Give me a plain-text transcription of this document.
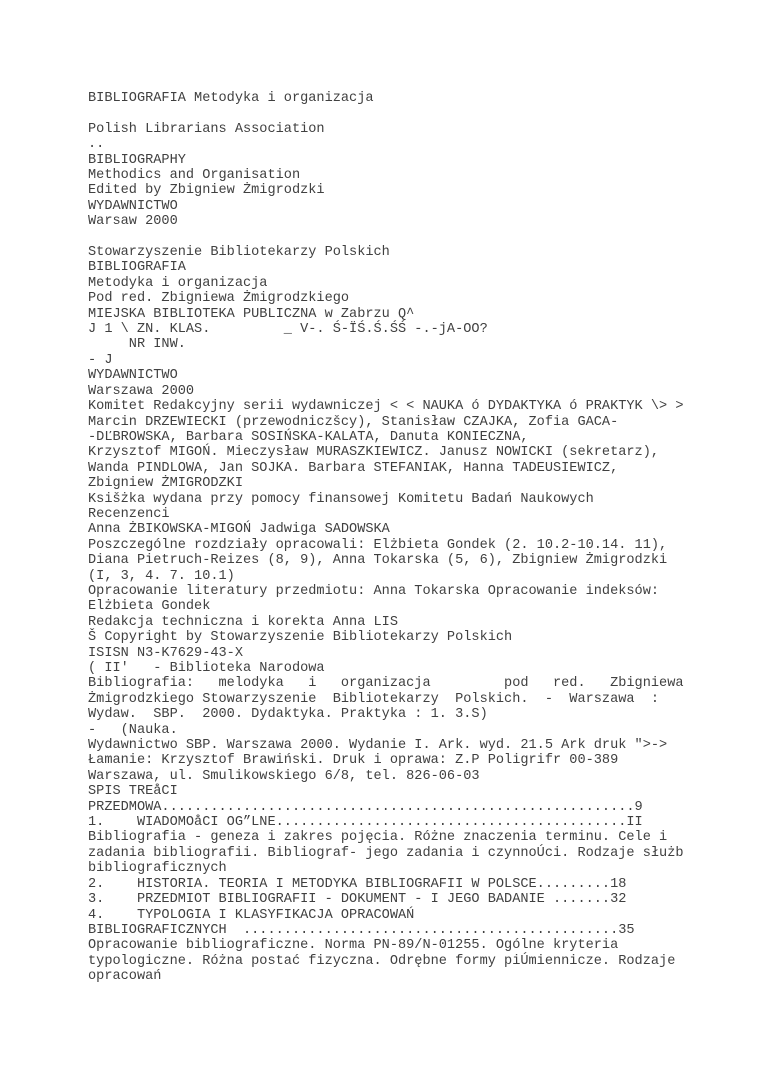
BIBLIOGRAFIA Metodyka i organizacja
Polish Librarians Association
..
BIBLIOGRAPHY
Methodics and Organisation
Edited by Zbigniew Żmigrodzki
WYDAWNICTWO
Warsaw 2000
Stowarzyszenie Bibliotekarzy Polskich
BIBLIOGRAFIA
Metodyka i organizacja
Pod red. Zbigniewa Żmigrodzkiego
MIEJSKA BIBLIOTEKA PUBLICZNA w Zabrzu Q^
J 1 \ ZN. KLAS.         _ V-. Ś-ÏŚ.Ś.ŚŚ -.-jA-OO?
NR INW.
- J
WYDAWNICTWO
Warszawa 2000
Komitet Redakcyjny serii wydawniczej < < NAUKA ó DYDAKTYKA ó PRAKTYK \> >
Marcin DRZEWIECKI (przewodniczšcy), Stanisław CZAJKA, Zofia GACA-
-DĽBROWSKA, Barbara SOSIŃSKA-KALATA, Danuta KONIECZNA,
Krzysztof MIGOŃ. Mieczysław MURASZKIEWICZ. Janusz NOWICKI (sekretarz),
Wanda PINDLOWA, Jan SOJKA. Barbara STEFANIAK, Hanna TADEUSIEWICZ,
Zbigniew ŻMIGRODZKI
Ksišżka wydana przy pomocy finansowej Komitetu Badań Naukowych
Recenzenci
Anna ŻBIKOWSKA-MIGOŃ Jadwiga SADOWSKA
Poszczególne rozdziały opracowali: Elżbieta Gondek (2. 10.2-10.14. 11),
Diana Pietruch-Reizes (8, 9), Anna Tokarska (5, 6), Zbigniew Żmigrodzki
(I, 3, 4. 7. 10.1)
Opracowanie literatury przedmiotu: Anna Tokarska Opracowanie indeksów:
Elżbieta Gondek
Redakcja techniczna i korekta Anna LIS
Š Copyright by Stowarzyszenie Bibliotekarzy Polskich
ISISN N3-K7629-43-X
( II'   - Biblioteka Narodowa
Bibliografia:   melodyka   i   organizacja         pod   red.   Zbigniewa
Żmigrodzkiego Stowarzyszenie  Bibliotekarzy  Polskich.  -  Warszawa  :
Wydaw.  SBP.  2000. Dydaktyka. Praktyka : 1. 3.S)
-   (Nauka.
Wydawnictwo SBP. Warszawa 2000. Wydanie I. Ark. wyd. 21.5 Ark druk ">->
Łamanie: Krzysztof Brawiński. Druk i oprawa: Z.P Poligrifr 00-389
Warszawa, ul. Smulikowskiego 6/8, tel. 826-06-03
SPIS TREåCI
PRZEDMOWA..........................................................9
1.    WIADOMOåCI OG”LNE...........................................II
Bibliografia - geneza i zakres pojęcia. Różne znaczenia terminu. Cele i
zadania bibliografii. Bibliograf- jego zadania i czynnoÚci. Rodzaje służb
bibliograficznych
2.    HISTORIA. TEORIA I METODYKA BIBLIOGRAFII W POLSCE.........18
3.    PRZEDMIOT BIBLIOGRAFII - DOKUMENT - I JEGO BADANIE .......32
4.    TYPOLOGIA I KLASYFIKACJA OPRACOWAŃ
BIBLIOGRAFICZNYCH  ..............................................35
Opracowanie bibliograficzne. Norma PN-89/N-01255. Ogólne kryteria
typologiczne. Różna postać fizyczna. Odrębne formy piÚmiennicze. Rodzaje
opracowań
